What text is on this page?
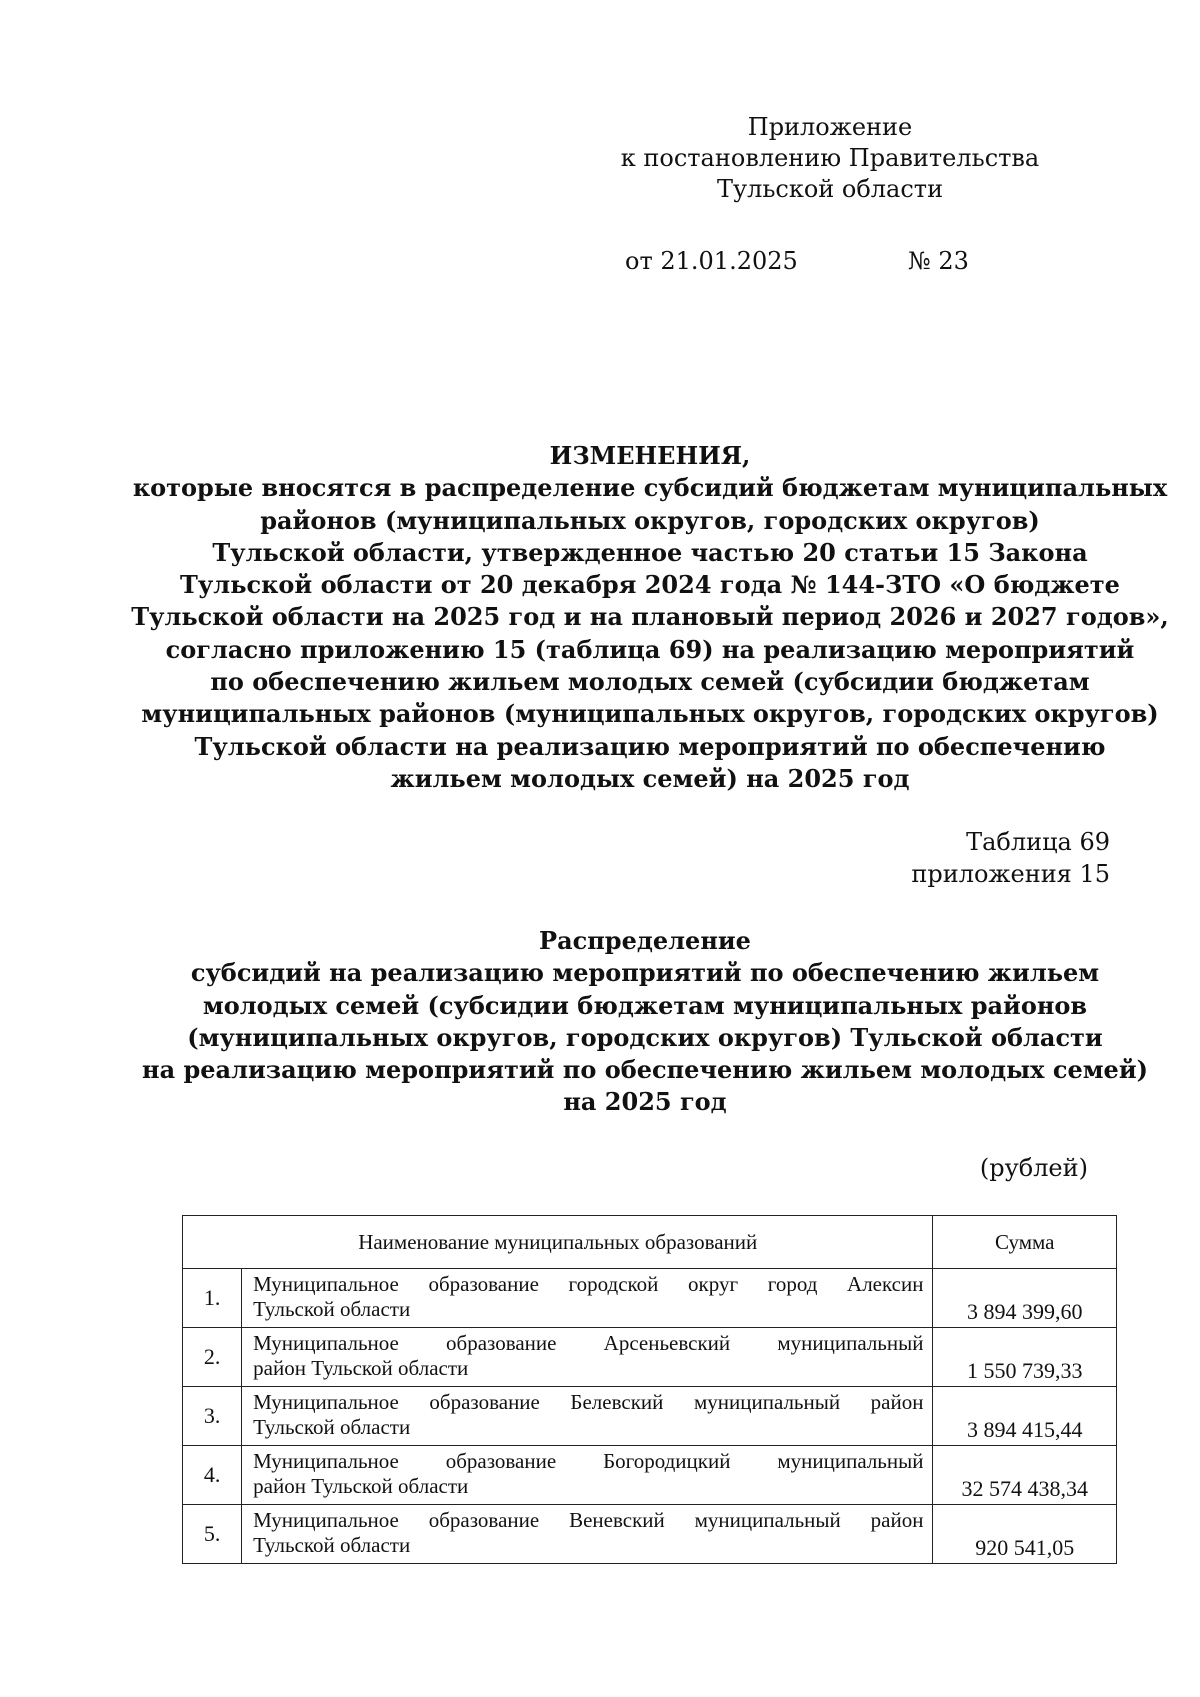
Приложение
к постановлению Правительства
Тульской области
от 21.01.2025	№ 23
ИЗМЕНЕНИЯ,
которые вносятся в распределение субсидий бюджетам муниципальных
районов (муниципальных округов, городских округов)
Тульской области, утвержденное частью 20 статьи 15 Закона
Тульской области от 20 декабря 2024 года № 144-ЗТО «О бюджете
Тульской области на 2025 год и на плановый период 2026 и 2027 годов»,
согласно приложению 15 (таблица 69) на реализацию мероприятий
по обеспечению жильем молодых семей (субсидии бюджетам
муниципальных районов (муниципальных округов, городских округов)
Тульской области на реализацию мероприятий по обеспечению
жильем молодых семей) на 2025 год
Таблица 69
приложения 15
Распределение
субсидий на реализацию мероприятий по обеспечению жильем
молодых семей (субсидии бюджетам муниципальных районов
(муниципальных округов, городских округов) Тульской области
на реализацию мероприятий по обеспечению жильем молодых семей)
на 2025 год
(рублей)
Наименование муниципальных образований		Сумма
1.	Муниципальное образование городской округ город Алексин
Тульской области	3 894 399,60
2.	Муниципальное образование Арсеньевский муниципальный
район Тульской области	1 550 739,33
3.	Муниципальное образование Белевский муниципальный район
Тульской области	3 894 415,44
4.	Муниципальное образование Богородицкий муниципальный
район Тульской области	32 574 438,34
5.	Муниципальное образование Веневский муниципальный район
Тульской области	920 541,05
